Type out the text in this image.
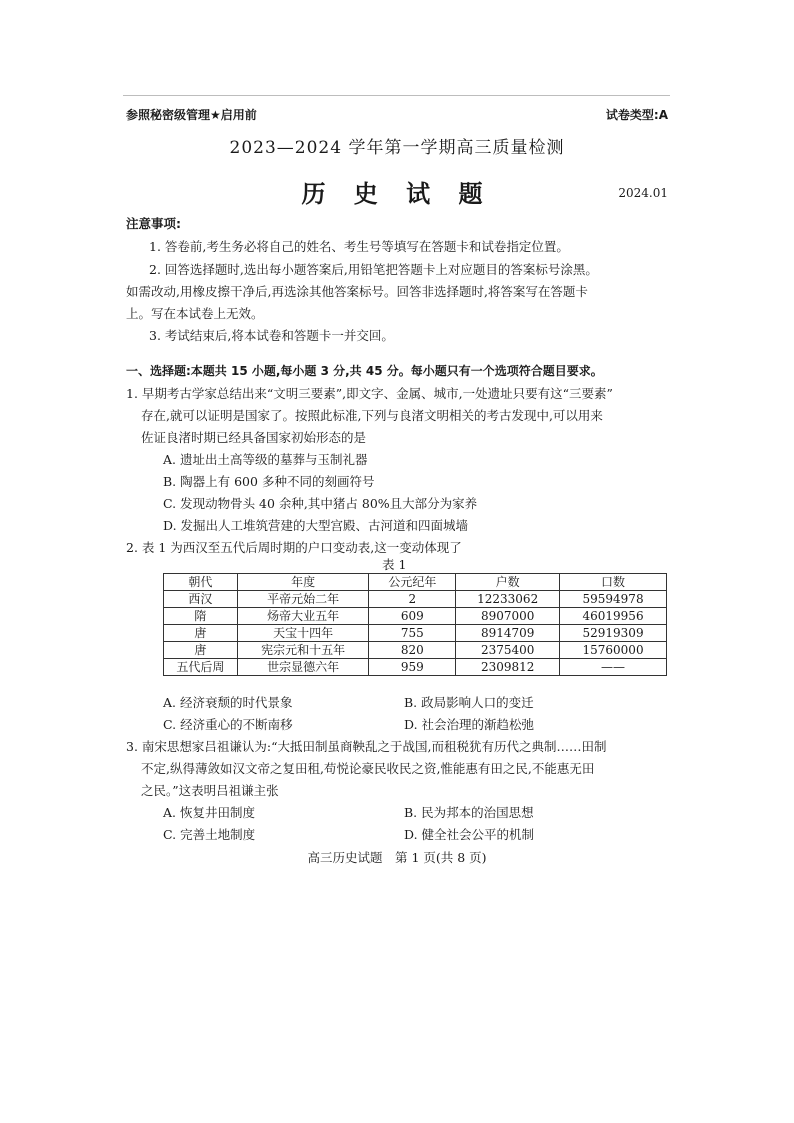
参照秘密级管理★启用前	试卷类型:A
2023—2024 学年第一学期高三质量检测
历 史 试 题	2024.01
注意事项:
1. 答卷前,考生务必将自己的姓名、考生号等填写在答题卡和试卷指定位置。
2. 回答选择题时,选出每小题答案后,用铅笔把答题卡上对应题目的答案标号涂黑。
如需改动,用橡皮擦干净后,再选涂其他答案标号。回答非选择题时,将答案写在答题卡
上。写在本试卷上无效。
3. 考试结束后,将本试卷和答题卡一并交回。
一、选择题:本题共 15 小题,每小题 3 分,共 45 分。每小题只有一个选项符合题目要求。
1. 早期考古学家总结出来“文明三要素”,即文字、金属、城市,一处遗址只要有这“三要素”
存在,就可以证明是国家了。按照此标准,下列与良渚文明相关的考古发现中,可以用来
佐证良渚时期已经具备国家初始形态的是
A. 遗址出土高等级的墓葬与玉制礼器
B. 陶器上有 600 多种不同的刻画符号
C. 发现动物骨头 40 余种,其中猪占 80%且大部分为家养
D. 发掘出人工堆筑营建的大型宫殿、古河道和四面城墙
2. 表 1 为西汉至五代后周时期的户口变动表,这一变动体现了
表 1
朝代	年度	公元纪年	户数	口数
西汉	平帝元始二年	2	12233062	59594978
隋	炀帝大业五年	609	8907000	46019956
唐	天宝十四年	755	8914709	52919309
唐	宪宗元和十五年	820	2375400	15760000
五代后周	世宗显德六年	959	2309812	——
A. 经济衰颓的时代景象	B. 政局影响人口的变迁
C. 经济重心的不断南移	D. 社会治理的渐趋松弛
3. 南宋思想家吕祖谦认为:“大抵田制虽商鞅乱之于战国,而租税犹有历代之典制……田制
不定,纵得薄敛如汉文帝之复田租,苟悦论豪民收民之资,惟能惠有田之民,不能惠无田
之民。”这表明吕祖谦主张
A. 恢复井田制度	B. 民为邦本的治国思想
C. 完善土地制度	D. 健全社会公平的机制
高三历史试题　第 1 页(共 8 页)
